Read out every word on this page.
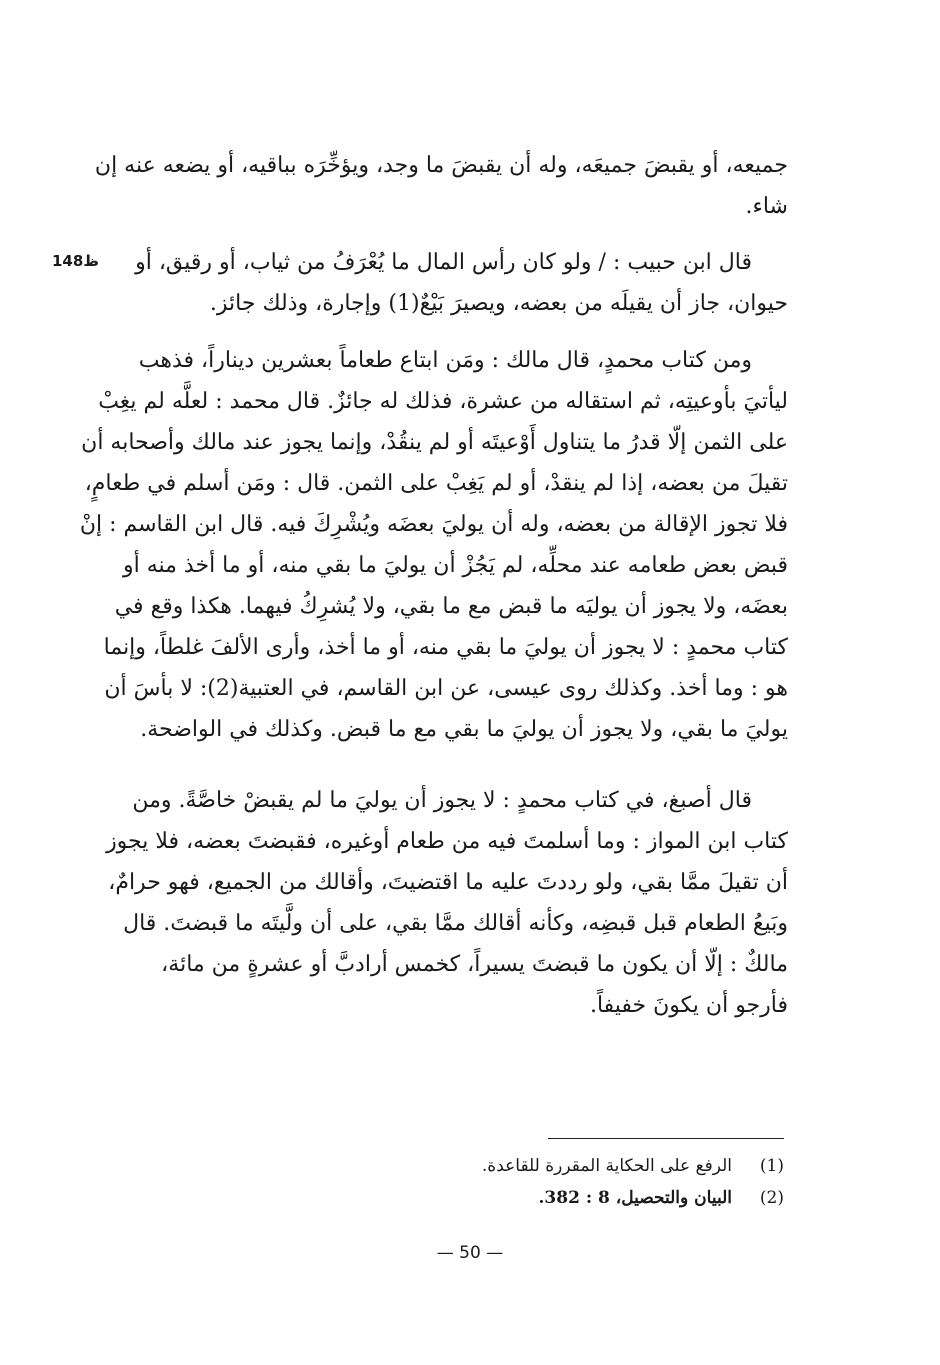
148ظ
جميعه، أو يقبضَ جميعَه، وله أن يقبضَ ما وجد، ويؤخِّرَه بباقيه، أو يضعه عنه إن
شاء.
قال ابن حبيب : / ولو كان رأس المال ما يُعْرَفُ من ثياب، أو رقيق، أو
حيوان، جاز أن يقيلَه من بعضه، ويصيرَ بَيْعٌ(1) وإجارة، وذلك جائز.
ومن كتاب محمدٍ، قال مالك : ومَن ابتاع طعاماً بعشرين ديناراً، فذهب
ليأتيَ بأوعيتِه، ثم استقاله من عشرة، فذلك له جائزٌ. قال محمد : لعلَّه لم يغِبْ
على الثمن إلّا قدرُ ما يتناول أَوْعيتَه أو لم ينقُدْ، وإنما يجوز عند مالك وأصحابه أن
تقيلَ من بعضه، إذا لم ينقدْ، أو لم يَغِبْ على الثمن. قال : ومَن أسلم في طعامٍ،
فلا تجوز الإقالة من بعضه، وله أن يوليَ بعضَه ويُشْرِكَ فيه. قال ابن القاسم : إنْ
قبض بعض طعامه عند محلِّه، لم يَجُزْ أن يوليَ ما بقي منه، أو ما أخذ منه أو
بعضَه، ولا يجوز أن يوليَه ما قبض مع ما بقي، ولا يُشرِكُ فيهما. هكذا وقع في
كتاب محمدٍ : لا يجوز أن يوليَ ما بقي منه، أو ما أخذ، وأرى الألفَ غلطاً، وإنما
هو : وما أخذ. وكذلك روى عيسى، عن ابن القاسم، في العتبية(2): لا بأسَ أن
يوليَ ما بقي، ولا يجوز أن يوليَ ما بقي مع ما قبض. وكذلك في الواضحة.
قال أصبغ، في كتاب محمدٍ : لا يجوز أن يوليَ ما لم يقبضْ خاصَّةً. ومن
كتاب ابن المواز : وما أسلمتَ فيه من طعام أوغيره، فقبضتَ بعضه، فلا يجوز
أن تقيلَ ممَّا بقي، ولو رددتَ عليه ما اقتضيتَ، وأقالك من الجميع، فهو حرامٌ،
وبَيعُ الطعام قبل قبضِه، وكأنه أقالك ممَّا بقي، على أن ولَّيتَه ما قبضتَ. قال
مالكٌ : إلّا أن يكون ما قبضتَ يسيراً، كخمس أرادبَّ أو عشرةٍ من مائة،
فأرجو أن يكونَ خفيفاً.
(1)الرفع على الحكاية المقررة للقاعدة.
(2)البيان والتحصيل، 8 : 382.
— 50 —
